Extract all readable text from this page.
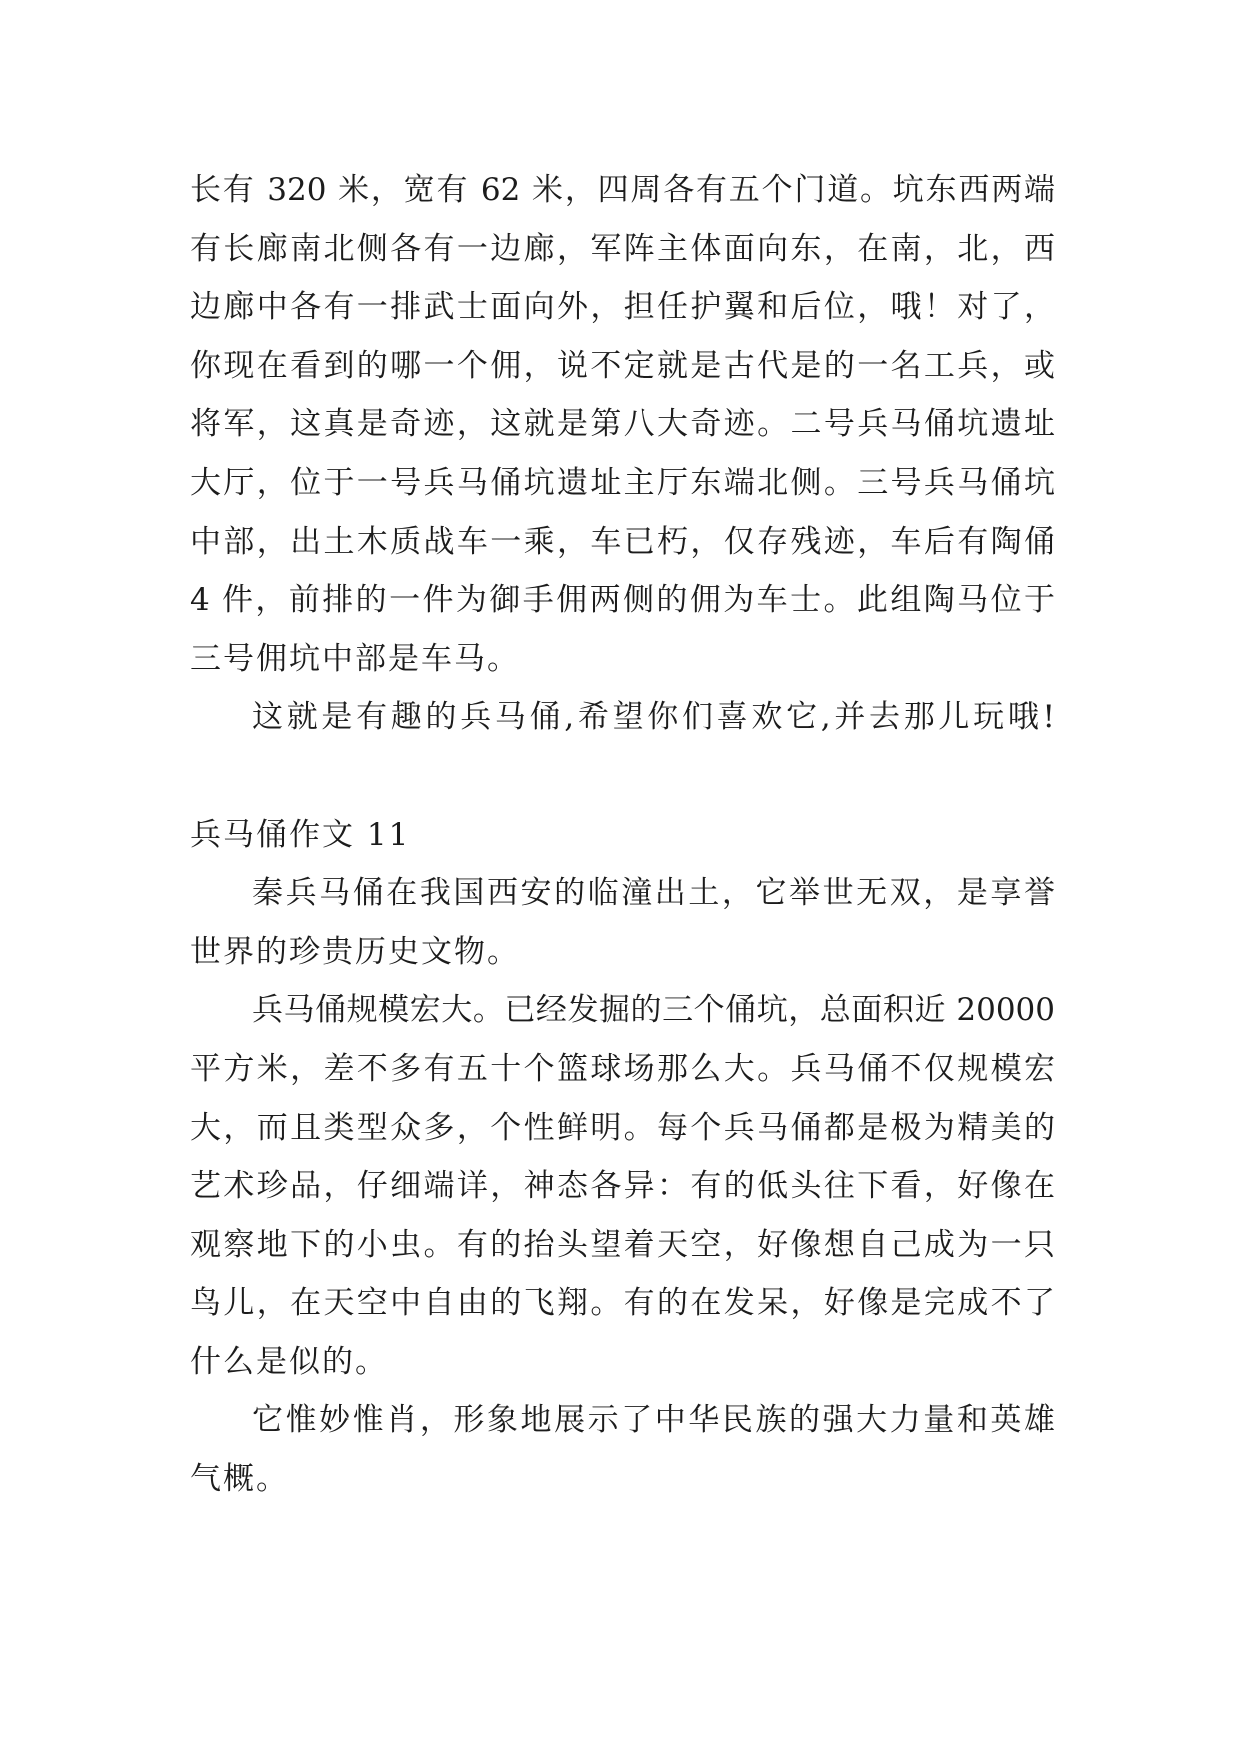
长有 320 米，宽有 62 米，四周各有五个门道。坑东西两端
有长廊南北侧各有一边廊，军阵主体面向东，在南，北，西
边廊中各有一排武士面向外，担任护翼和后位，哦！对了，
你现在看到的哪一个佣，说不定就是古代是的一名工兵，或
将军，这真是奇迹，这就是第八大奇迹。二号兵马俑坑遗址
大厅，位于一号兵马俑坑遗址主厅东端北侧。三号兵马俑坑
中部，出土木质战车一乘，车已朽，仅存残迹，车后有陶俑
4 件，前排的一件为御手佣两侧的佣为车士。此组陶马位于
三号佣坑中部是车马。
这就是有趣的兵马俑,希望你们喜欢它,并去那儿玩哦!
兵马俑作文 11
秦兵马俑在我国西安的临潼出土，它举世无双，是享誉
世界的珍贵历史文物。
兵马俑规模宏大。已经发掘的三个俑坑，总面积近 20000
平方米，差不多有五十个篮球场那么大。兵马俑不仅规模宏
大，而且类型众多，个性鲜明。每个兵马俑都是极为精美的
艺术珍品，仔细端详，神态各异：有的低头往下看，好像在
观察地下的小虫。有的抬头望着天空，好像想自己成为一只
鸟儿，在天空中自由的飞翔。有的在发呆，好像是完成不了
什么是似的。
它惟妙惟肖，形象地展示了中华民族的强大力量和英雄
气概。
